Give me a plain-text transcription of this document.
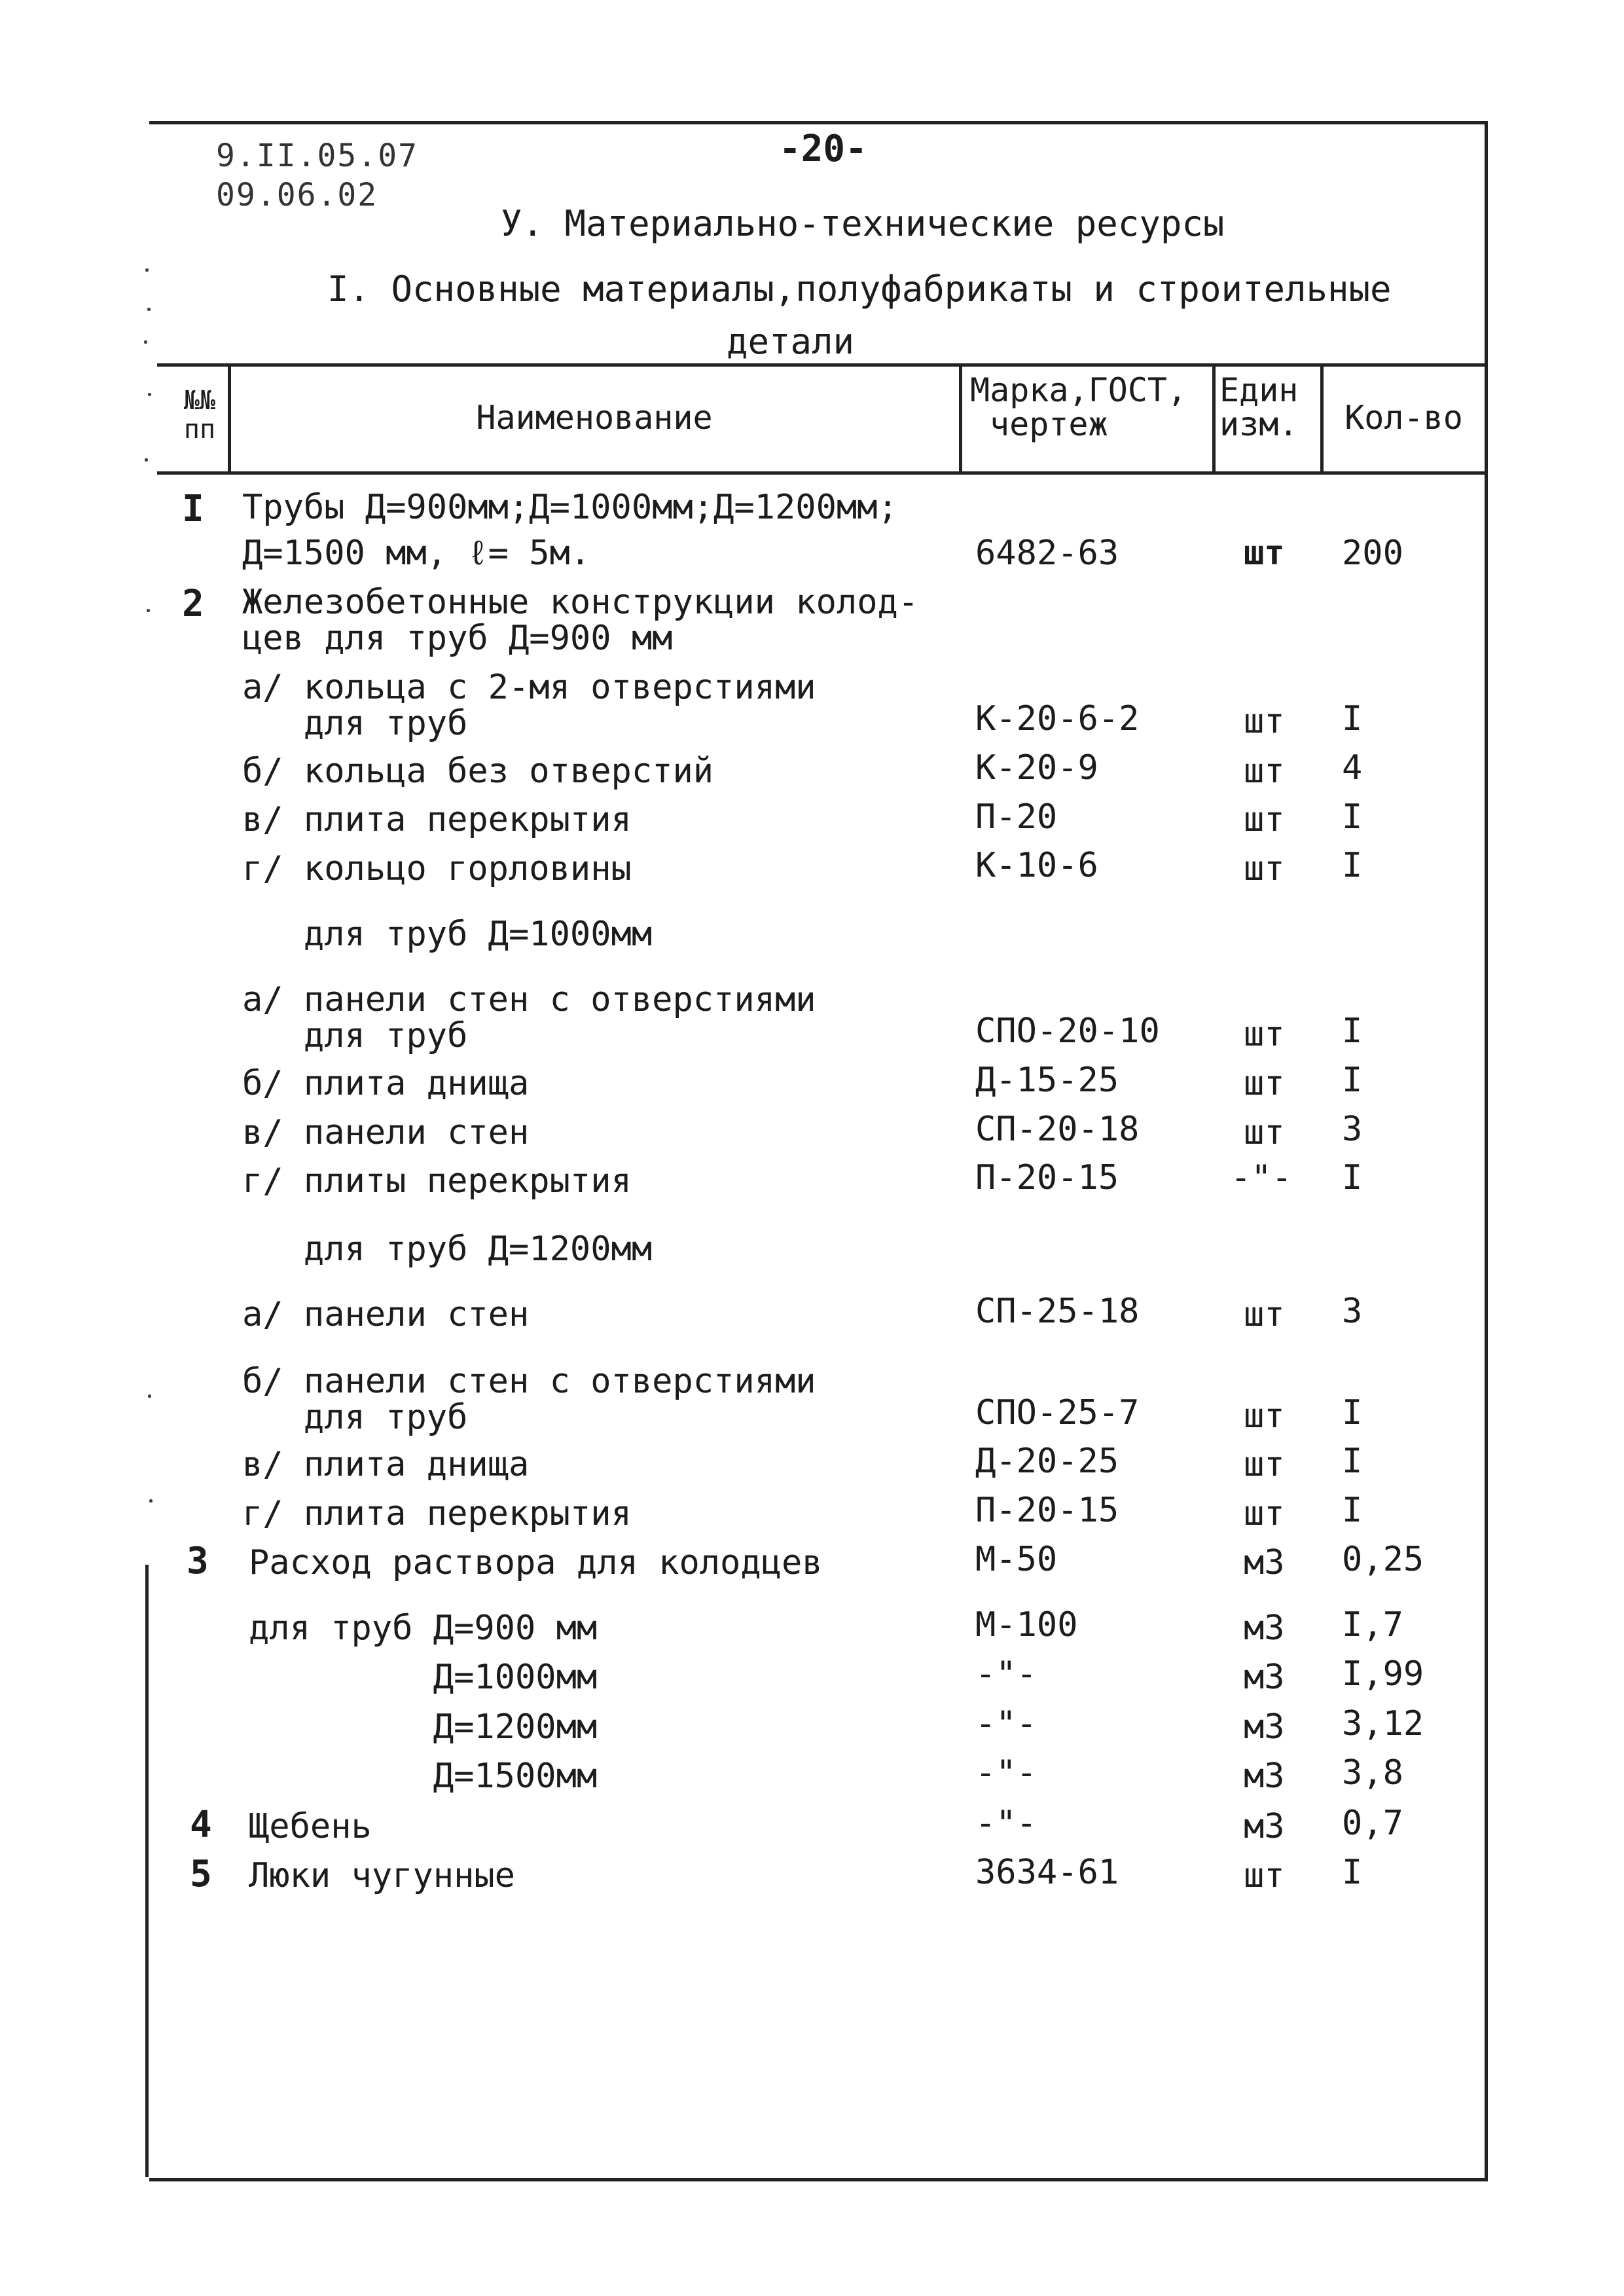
9.II.05.07
09.06.02
-20-
У. Материально-технические ресурсы
I. Основные материалы,полуфабрикаты и строительные
детали
№№
пп	Наименование
Марка,ГОСТ,
чертеж
Един
изм.	Кол-во
I Трубы Д=900мм;Д=1000мм;Д=1200мм;
Д=1500 мм, ℓ= 5м.	6482-63	шт 200
2 Железобетонные конструкции колод-
цев для труб Д=900 мм
а/ кольца с 2-мя отверстиями
для труб	К-20-6-2	шт I
б/ кольца без отверстий	К-20-9	шт 4
в/ плита перекрытия	П-20	шт I
г/ кольцо горловины	К-10-6	шт I
для труб Д=1000мм
а/ панели стен с отверстиями
для труб	СПО-20-10 шт I
б/ плита днища	Д-15-25	шт I
в/ панели стен	СП-20-18	шт 3
г/ плиты перекрытия	П-20-15	-"- I
для труб Д=1200мм
а/ панели стен	СП-25-18	шт 3
б/ панели стен с отверстиями
для труб	СПО-25-7	шт I
в/ плита днища	Д-20-25	шт I
г/ плита перекрытия	П-20-15	шт I
3 Расход раствора для колодцев	М-50	м3 0,25
для труб Д=900 мм	М-100	м3 I,7
Д=1000мм	-"-	м3 I,99
Д=1200мм	-"-	м3 3,12
Д=1500мм	-"-	м3 3,8
4 Щебень	-"-	м3 0,7
5 Люки чугунные	3634-61	шт I
